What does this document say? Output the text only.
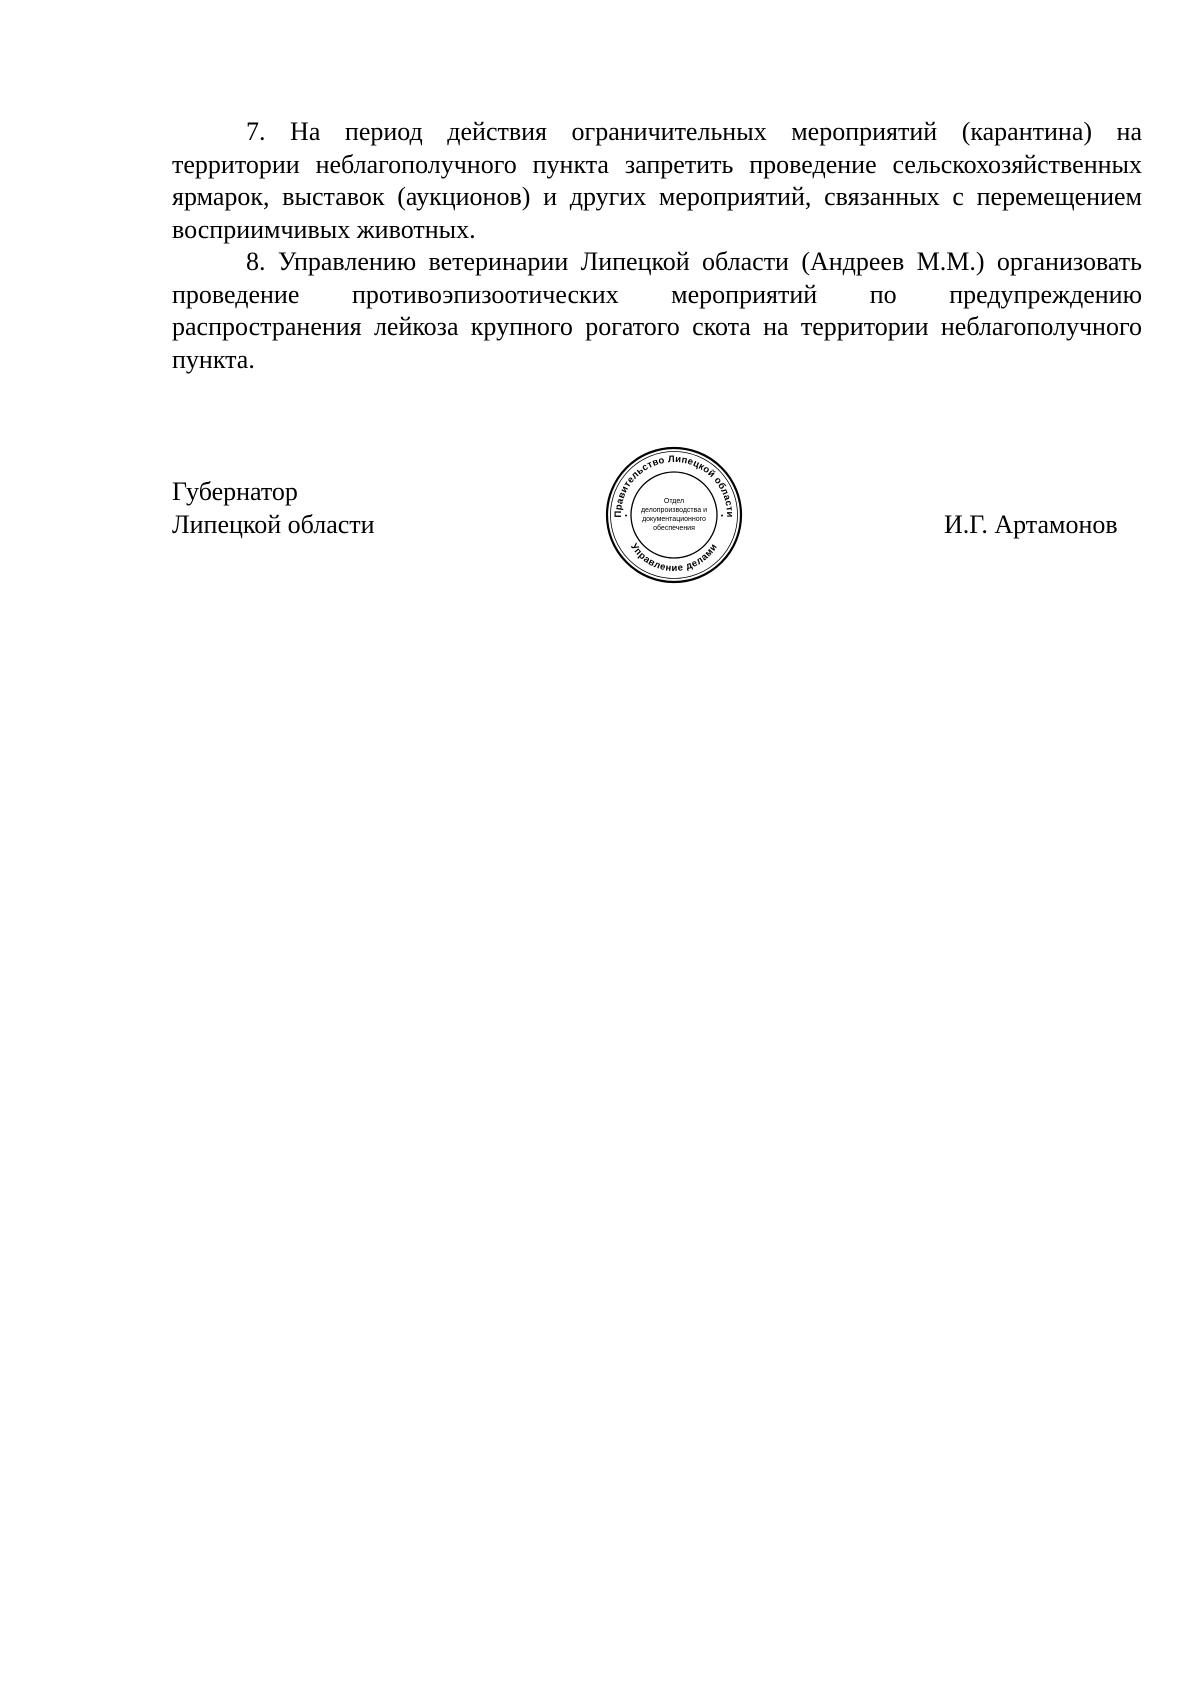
7. На период действия ограничительных мероприятий (карантина) на территории неблагополучного пункта запретить проведение сельскохозяйственных ярмарок, выставок (аукционов) и других мероприятий, связанных с перемещением восприимчивых животных.

8. Управлению ветеринарии Липецкой области (Андреев М.М.) организовать проведение противоэпизоотических мероприятий по предупреждению распространения лейкоза крупного рогатого скота на территории неблагополучного пункта.

Губернатор
Липецкой области	Правительство Липецкой области
Управление делами
•	•
Отдел
делопроизводства и
документационного
обеспечения	И.Г. Артамонов
